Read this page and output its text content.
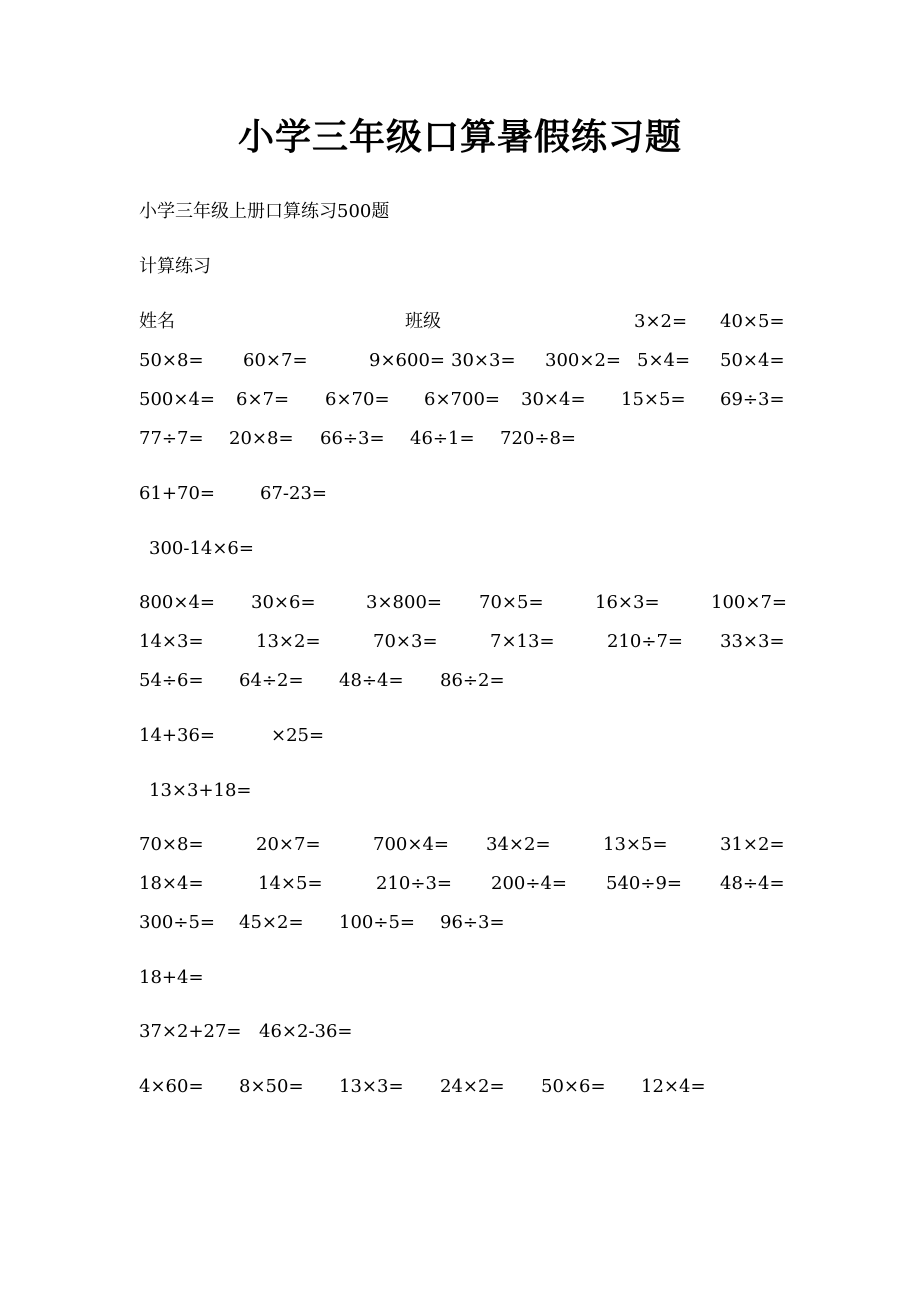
小学三年级口算暑假练习题
小学三年级上册口算练习500题
计算练习
姓名	班级	3×2= 40×5=
50×8= 60×7=	9×600= 30×3= 300×2= 5×4= 50×4=
500×4= 6×7= 6×70= 6×700= 30×4= 15×5= 69÷3=
77÷7= 20×8= 66÷3= 46÷1= 720÷8=
61+70=	67-23=
300-14×6=
800×4= 30×6=	3×800= 70×5=	16×3=	100×7=
14×3=	13×2=	70×3=	7×13=	210÷7= 33×3=
54÷6= 64÷2= 48÷4= 86÷2=
14+36=	×25=
13×3+18=
70×8=	20×7=	700×4= 34×2=	13×5=	31×2=
18×4=	14×5=	210÷3= 200÷4= 540÷9= 48÷4=
300÷5= 45×2= 100÷5= 96÷3=
18+4=
37×2+27= 46×2-36=
4×60= 8×50= 13×3= 24×2= 50×6= 12×4=
